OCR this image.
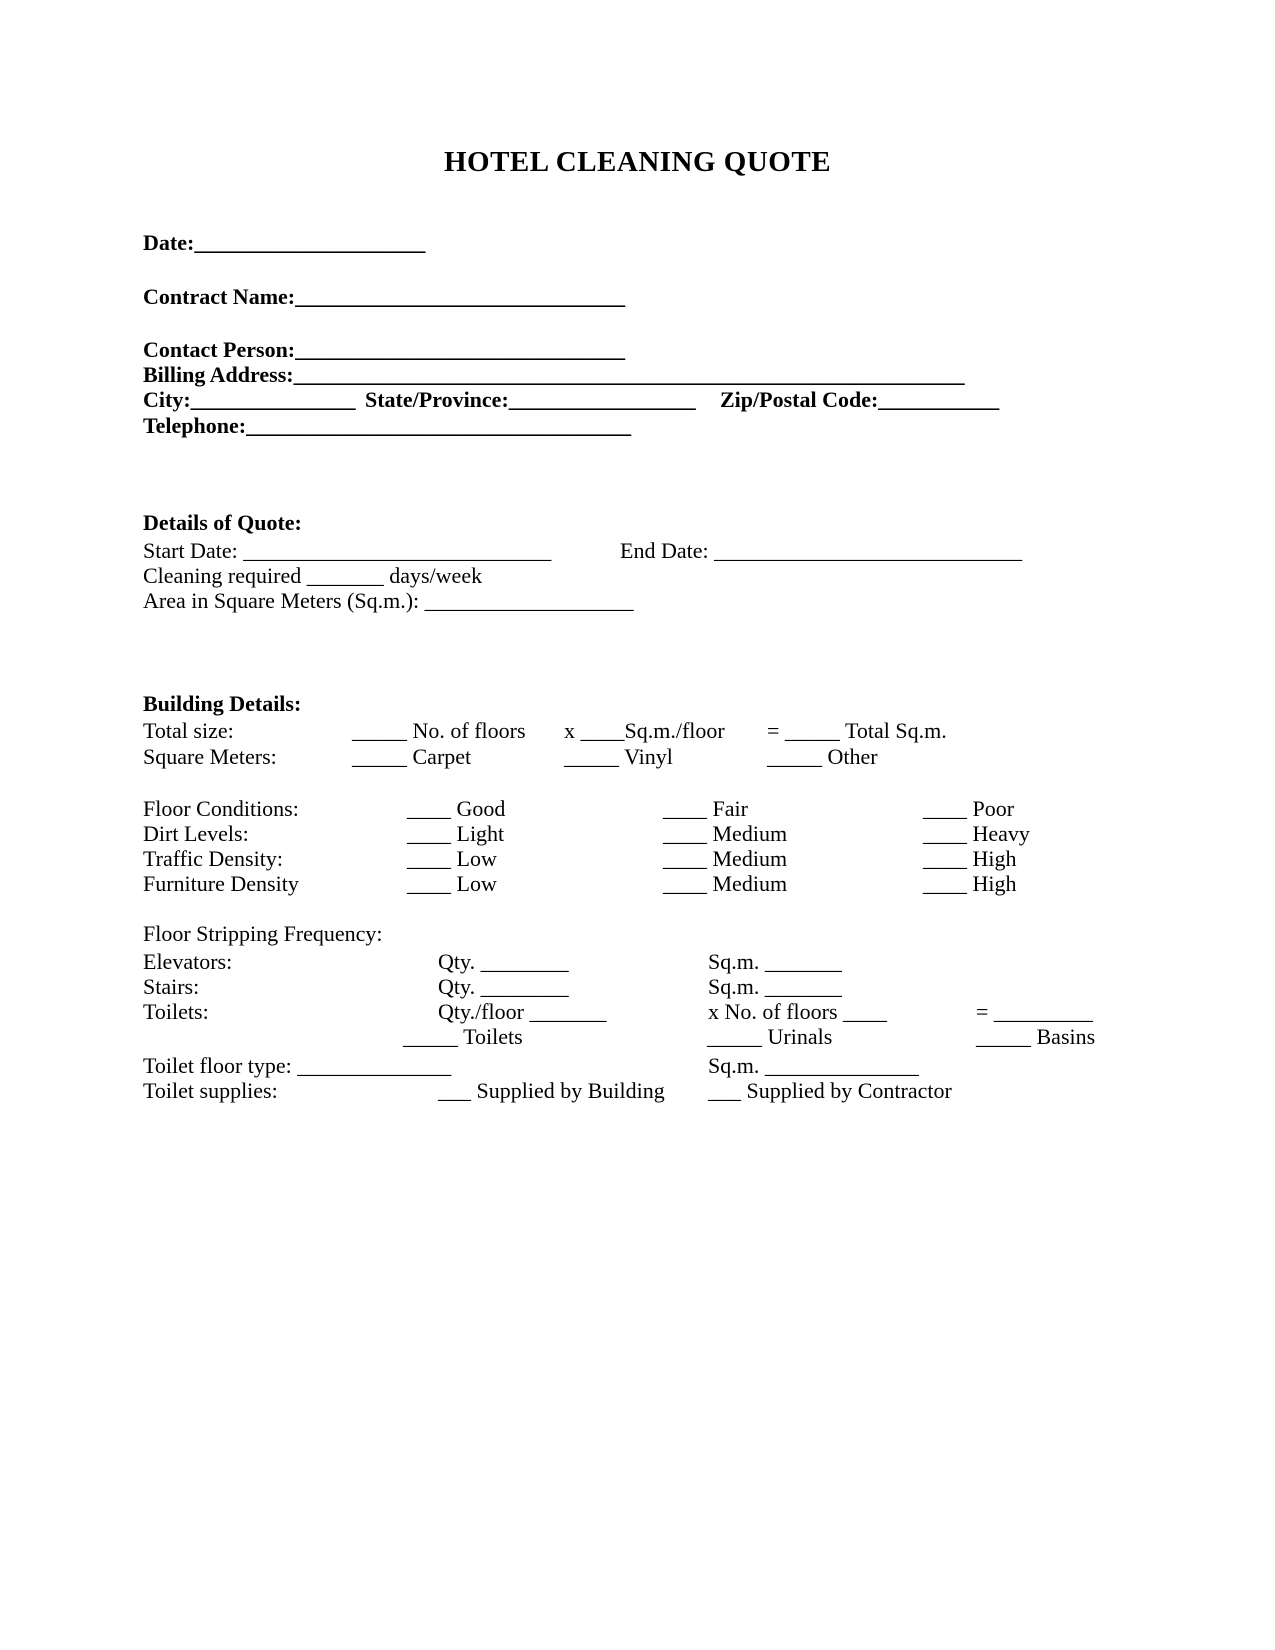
HOTEL CLEANING QUOTE
Date:_____________________
Contract Name:______________________________
Contact Person:______________________________
Billing Address:_____________________________________________________________
City:_______________ State/Province:_________________ Zip/Postal Code:___________
Telephone:___________________________________
Details of Quote:
Start Date: ____________________________	End Date: ____________________________
Cleaning required _______ days/week
Area in Square Meters (Sq.m.): ___________________
Building Details:
Total size:	_____ No. of floors x ____Sq.m./floor = _____ Total Sq.m.
Square Meters:	_____ Carpet	_____ Vinyl	_____ Other
Floor Conditions:	____ Good	____ Fair	____ Poor
Dirt Levels:	____ Light	____ Medium	____ Heavy
Traffic Density:	____ Low	____ Medium	____ High
Furniture Density	____ Low	____ Medium	____ High
Floor Stripping Frequency:
Elevators:	Qty. ________	Sq.m. _______
Stairs:	Qty. ________	Sq.m. _______
Toilets:	Qty./floor _______	x No. of floors ____	= _________
_____ Toilets	_____ Urinals	_____ Basins
Toilet floor type: ______________	Sq.m. ______________
Toilet supplies:	___ Supplied by Building ___ Supplied by Contractor
